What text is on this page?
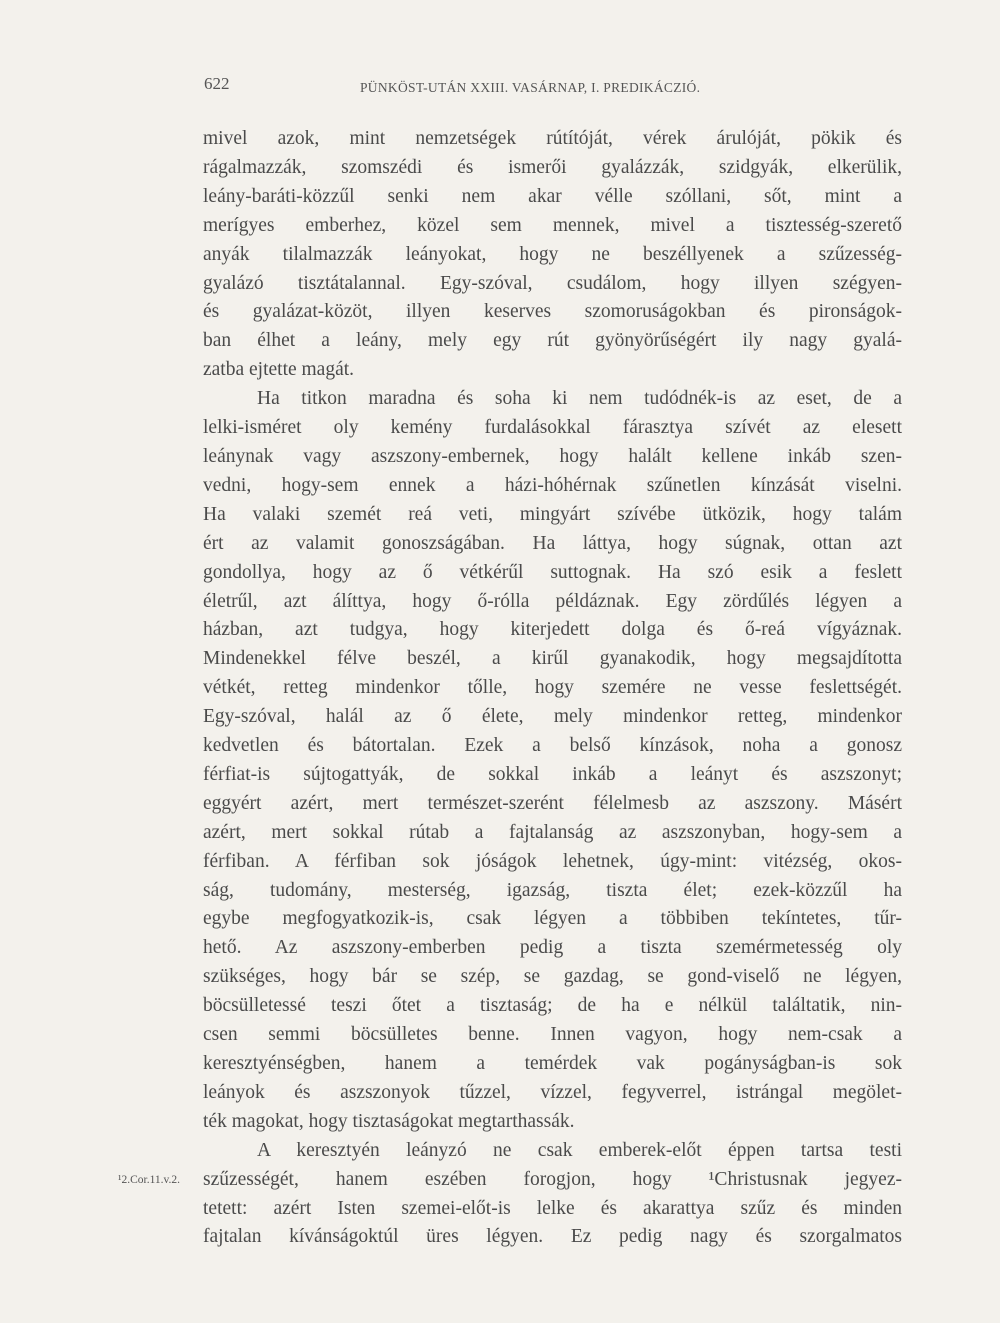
622	PÜNKÖST-UTÁN XXIII. VASÁRNAP, I. PREDIKÁCZIÓ.
mivel azok, mint nemzetségek rútítóját, vérek árulóját, pökik és
rágalmazzák, szomszédi és ismerői gyalázzák, szidgyák, elkerülik,
leány-baráti-közzűl senki nem akar vélle szóllani, sőt, mint a
merígyes emberhez, közel sem mennek, mivel a tisztesség-szerető
anyák tilalmazzák leányokat, hogy ne beszéllyenek a szűzesség-
gyalázó tisztátalannal. Egy-szóval, csudálom, hogy illyen szégyen-
és gyalázat-közöt, illyen keserves szomoruságokban és pironságok-
ban élhet a leány, mely egy rút gyönyörűségért ily nagy gyalá-
zatba ejtette magát.
Ha titkon maradna és soha ki nem tudódnék-is az eset, de a
lelki-isméret oly kemény furdalásokkal fárasztya szívét az elesett
leánynak vagy aszszony-embernek, hogy halált kellene inkáb szen-
vedni, hogy-sem ennek a házi-hóhérnak szűnetlen kínzását viselni.
Ha valaki szemét reá veti, mingyárt szívébe ütközik, hogy talám
ért az valamit gonoszságában. Ha láttya, hogy súgnak, ottan azt
gondollya, hogy az ő vétkérűl suttognak. Ha szó esik a feslett
életrűl, azt álíttya, hogy ő-rólla példáznak. Egy zördűlés légyen a
házban, azt tudgya, hogy kiterjedett dolga és ő-reá vígyáznak.
Mindenekkel félve beszél, a kirűl gyanakodik, hogy megsajdította
vétkét, retteg mindenkor tőlle, hogy szemére ne vesse feslettségét.
Egy-szóval, halál az ő élete, mely mindenkor retteg, mindenkor
kedvetlen és bátortalan. Ezek a belső kínzások, noha a gonosz
férfiat-is sújtogattyák, de sokkal inkáb a leányt és aszszonyt;
eggyért azért, mert természet-szerént félelmesb az aszszony. Másért
azért, mert sokkal rútab a fajtalanság az aszszonyban, hogy-sem a
férfiban. A férfiban sok jóságok lehetnek, úgy-mint: vitézség, okos-
ság, tudomány, mesterség, igazság, tiszta élet; ezek-közzűl ha
egybe megfogyatkozik-is, csak légyen a többiben tekíntetes, tűr-
hető. Az aszszony-emberben pedig a tiszta szemérmetesség oly
szükséges, hogy bár se szép, se gazdag, se gond-viselő ne légyen,
böcsülletessé teszi őtet a tisztaság; de ha e nélkül találtatik, nin-
csen semmi böcsülletes benne. Innen vagyon, hogy nem-csak a
keresztyénségben, hanem a temérdek vak pogányságban-is sok
leányok és aszszonyok tűzzel, vízzel, fegyverrel, istrángal megölet-
ték magokat, hogy tisztaságokat megtarthassák.
A keresztyén leányzó ne csak emberek-előt éppen tartsa testi
szűzességét, hanem eszében forogjon, hogy ¹Christusnak jegyez-
tetett: azért Isten szemei-előt-is lelke és akarattya szűz és minden
fajtalan kívánságoktúl üres légyen. Ez pedig nagy és szorgalmatos
¹2.Cor.11.v.2.
